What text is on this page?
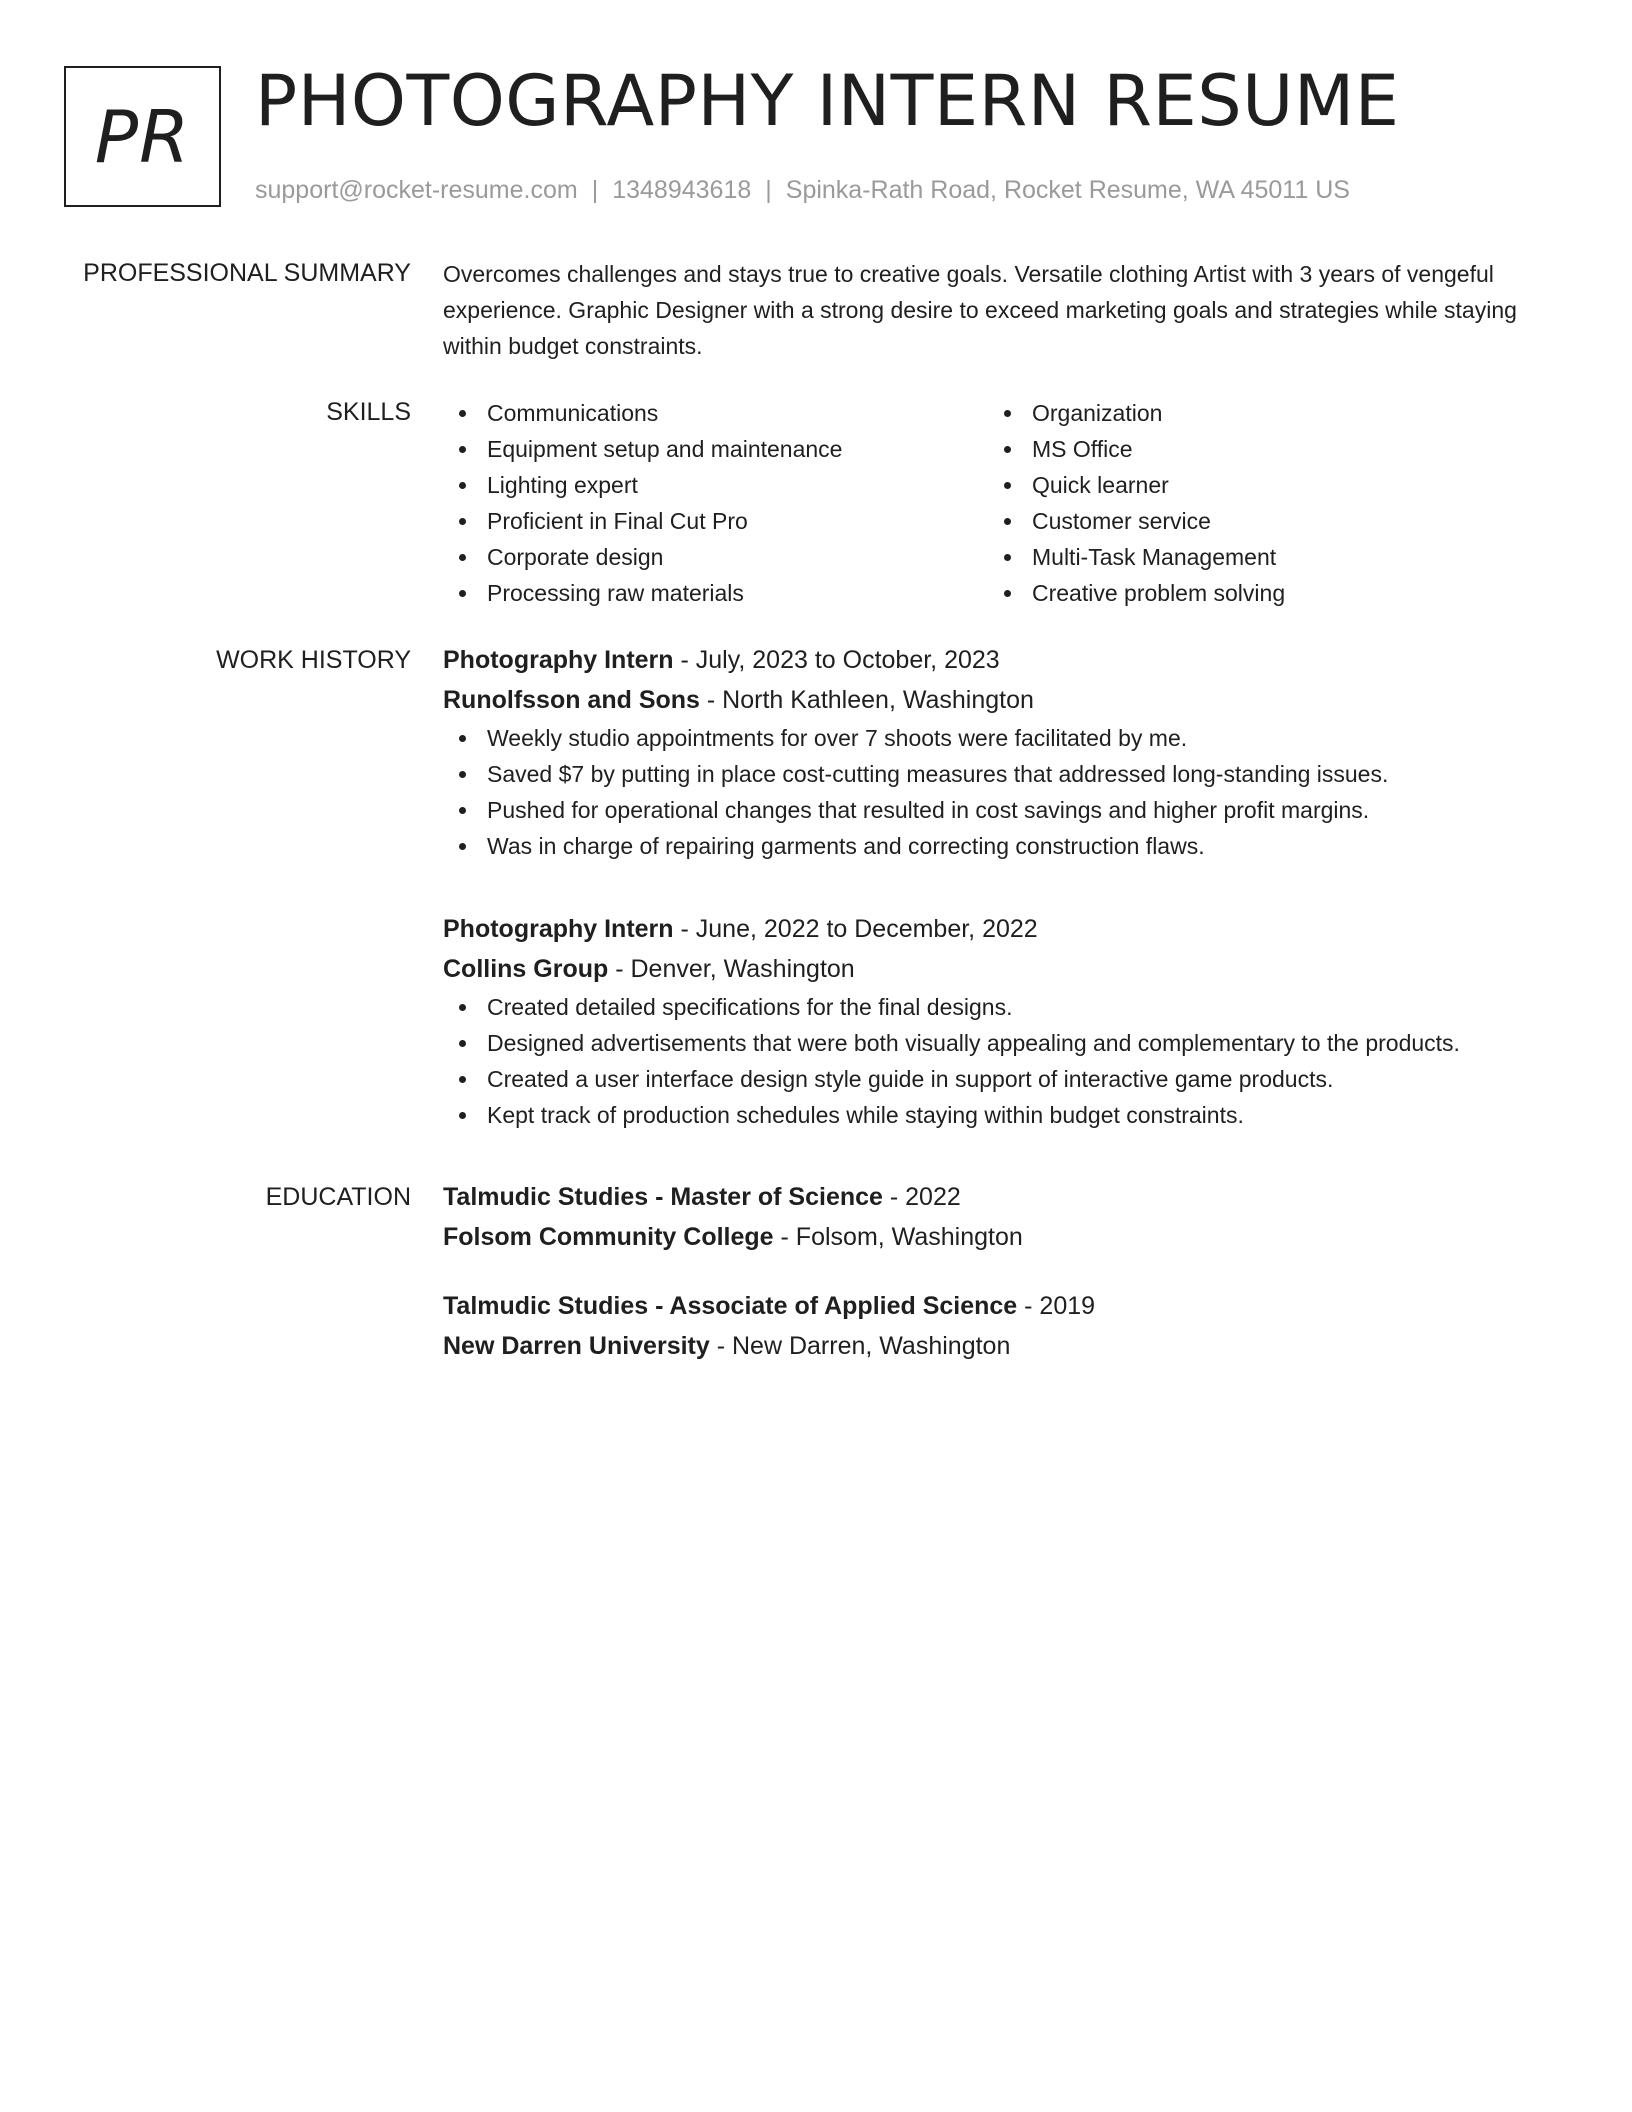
PR PHOTOGRAPHY INTERN RESUME
support@rocket-resume.com | 1348943618 | Spinka-Rath Road, Rocket Resume, WA 45011 US
PROFESSIONAL SUMMARY Overcomes challenges and stays true to creative goals. Versatile clothing Artist with 3 years of vengeful experience. Graphic Designer with a strong desire to exceed marketing goals and strategies while staying within budget constraints.

SKILLS	Communications
Equipment setup and maintenance
Lighting expert
Proficient in Final Cut Pro
Corporate design
Processing raw materials
Organization
MS Office
Quick learner
Customer service
Multi-Task Management
Creative problem solving
WORK HISTORY Photography Intern - July, 2023 to October, 2023
Runolfsson and Sons - North Kathleen, Washington
Weekly studio appointments for over 7 shoots were facilitated by me.
Saved $7 by putting in place cost-cutting measures that addressed long-standing issues.
Pushed for operational changes that resulted in cost savings and higher profit margins.
Was in charge of repairing garments and correcting construction flaws.
Photography Intern - June, 2022 to December, 2022
Collins Group - Denver, Washington
Created detailed specifications for the final designs.
Designed advertisements that were both visually appealing and complementary to the products.
Created a user interface design style guide in support of interactive game products.
Kept track of production schedules while staying within budget constraints.
EDUCATION Talmudic Studies - Master of Science - 2022
Folsom Community College - Folsom, Washington
Talmudic Studies - Associate of Applied Science - 2019
New Darren University - New Darren, Washington
